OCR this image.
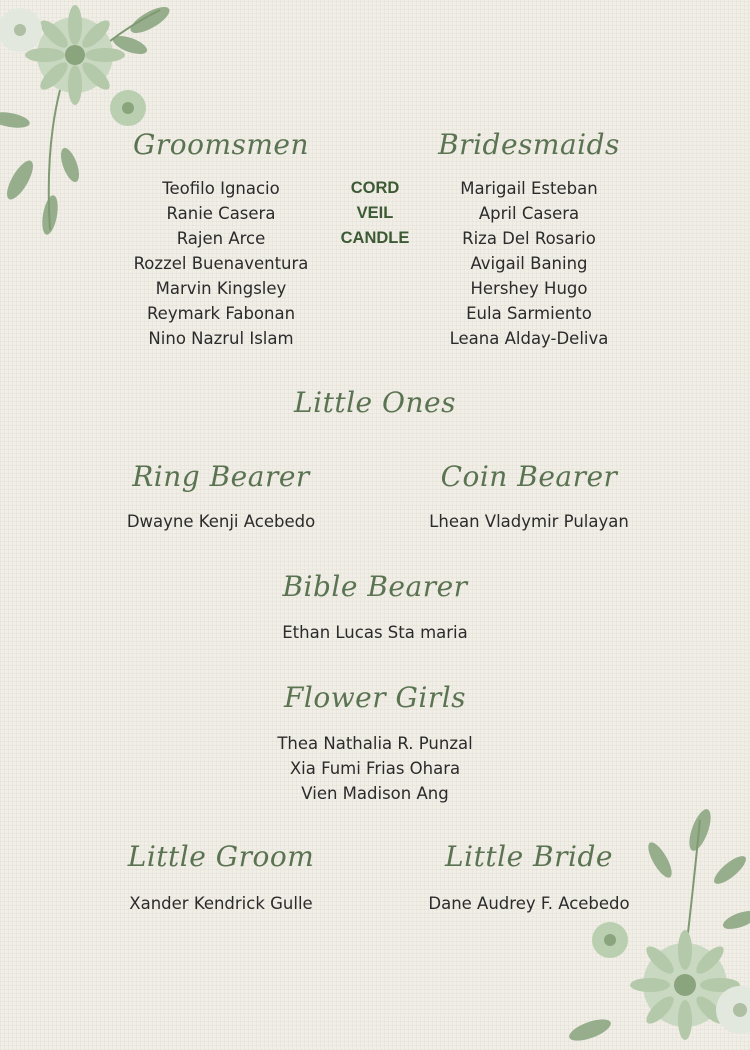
Groomsmen
Teofilo Ignacio
Ranie Casera
Rajen Arce
Rozzel Buenaventura
Marvin Kingsley
Reymark Fabonan
Nino Nazrul Islam
CORD
VEIL
CANDLE
Bridesmaids
Marigail Esteban
April Casera
Riza Del Rosario
Avigail Baning
Hershey Hugo
Eula Sarmiento
Leana Alday-Deliva
Little Ones
Ring Bearer
Dwayne Kenji Acebedo
Coin Bearer
Lhean Vladymir Pulayan
Bible Bearer
Ethan Lucas Sta maria
Flower Girls
Thea Nathalia R. Punzal
Xia Fumi Frias Ohara
Vien Madison Ang
Little Groom
Xander Kendrick Gulle
Little Bride
Dane Audrey F. Acebedo
